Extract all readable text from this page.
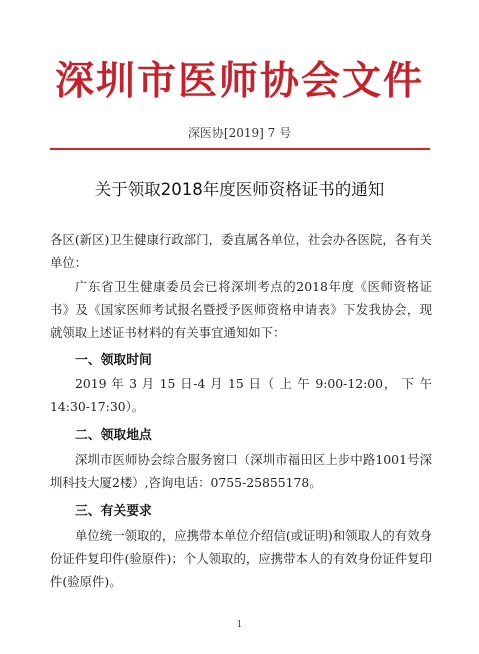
深圳市医师协会文件
深医协[2019] 7 号
关于领取2018年度医师资格证书的通知
各区(新区)卫生健康行政部门，委直属各单位，社会办各医院，各有关单位：
广东省卫生健康委员会已将深圳考点的2018年度《医师资格证书》及《国家医师考试报名暨授予医师资格申请表》下发我协会，现就领取上述证书材料的有关事宜通知如下：
一、领取时间
2019 年 3 月 15 日-4 月 15 日（ 上 午 9:00-12:00， 下 午 14:30-17:30）。
二、领取地点
深圳市医师协会综合服务窗口（深圳市福田区上步中路1001号深圳科技大厦2楼）,咨询电话：0755-25855178。
三、有关要求
单位统一领取的，应携带本单位介绍信(或证明)和领取人的有效身份证件复印件(验原件)；个人领取的，应携带本人的有效身份证件复印件(验原件)。
1
